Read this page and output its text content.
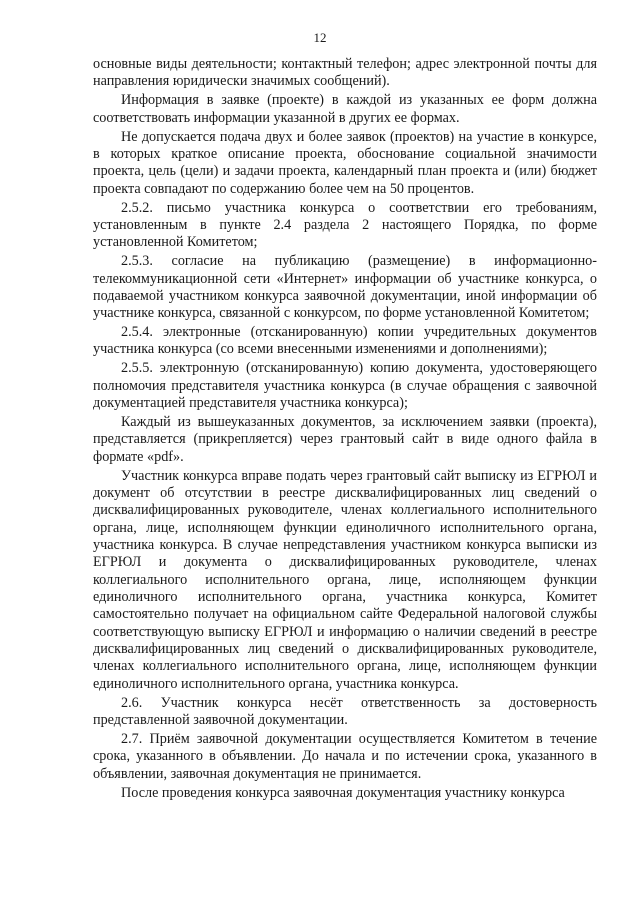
12

основные виды деятельности; контактный телефон; адрес электронной почты для направления юридически значимых сообщений).

Информация в заявке (проекте) в каждой из указанных ее форм должна соответствовать информации указанной в других ее формах.

Не допускается подача двух и более заявок (проектов) на участие в конкурсе, в которых краткое описание проекта, обоснование социальной значимости проекта, цель (цели) и задачи проекта, календарный план проекта и (или) бюджет проекта совпадают по содержанию более чем на 50 процентов.

2.5.2. письмо участника конкурса о соответствии его требованиям, установленным в пункте 2.4 раздела 2 настоящего Порядка, по форме установленной Комитетом;

2.5.3. согласие на публикацию (размещение) в информационно-телекоммуникационной сети «Интернет» информации об участнике конкурса, о подаваемой участником конкурса заявочной документации, иной информации об участнике конкурса, связанной с конкурсом, по форме установленной Комитетом;

2.5.4. электронные (отсканированную) копии учредительных документов участника конкурса (со всеми внесенными изменениями и дополнениями);

2.5.5. электронную (отсканированную) копию документа, удостоверяющего полномочия представителя участника конкурса (в случае обращения с заявочной документацией представителя участника конкурса);

Каждый из вышеуказанных документов, за исключением заявки (проекта), представляется (прикрепляется) через грантовый сайт в виде одного файла в формате «pdf».

Участник конкурса вправе подать через грантовый сайт выписку из ЕГРЮЛ и документ об отсутствии в реестре дисквалифицированных лиц сведений о дисквалифицированных руководителе, членах коллегиального исполнительного органа, лице, исполняющем функции единоличного исполнительного органа, участника конкурса. В случае непредставления участником конкурса выписки из ЕГРЮЛ и документа о дисквалифицированных руководителе, членах коллегиального исполнительного органа, лице, исполняющем функции единоличного исполнительного органа, участника конкурса, Комитет самостоятельно получает на официальном сайте Федеральной налоговой службы соответствующую выписку ЕГРЮЛ и информацию о наличии сведений в реестре дисквалифицированных лиц сведений о дисквалифицированных руководителе, членах коллегиального исполнительного органа, лице, исполняющем функции единоличного исполнительного органа, участника конкурса.

2.6. Участник конкурса несёт ответственность за достоверность представленной заявочной документации.

2.7. Приём заявочной документации осуществляется Комитетом в течение срока, указанного в объявлении. До начала и по истечении срока, указанного в объявлении, заявочная документация не принимается.

После проведения конкурса заявочная документация участнику конкурса
